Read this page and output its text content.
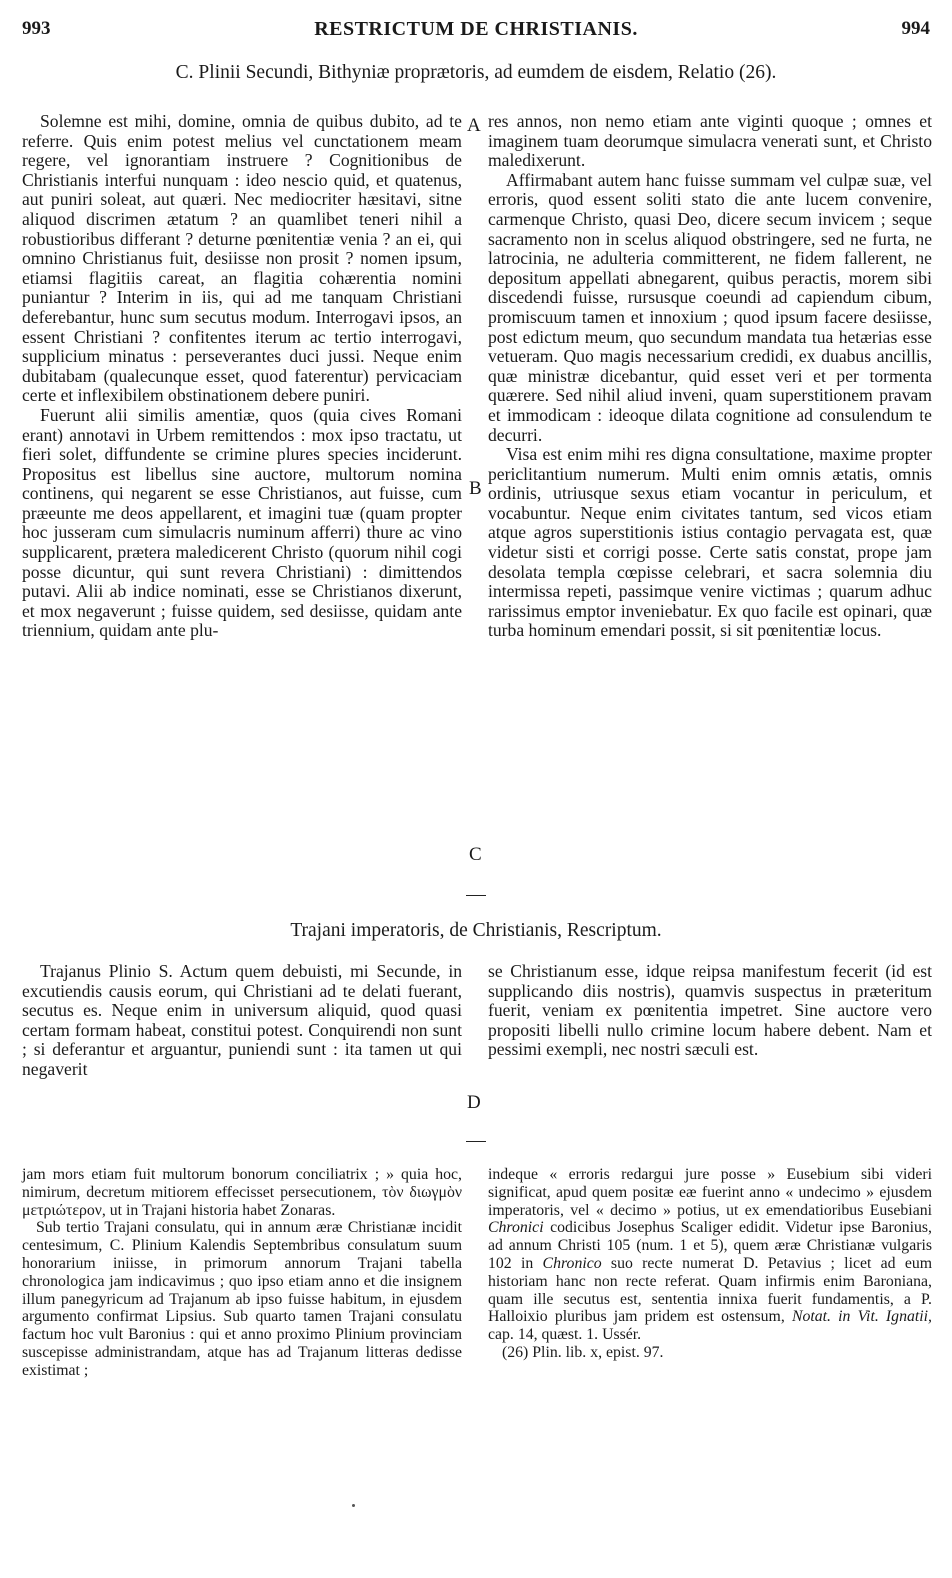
993	RESTRICTUM DE CHRISTIANIS.	994
C. Plinii Secundi, Bithyniæ proprætoris, ad eumdem de eisdem, Relatio (26).

Solemne est mihi, domine, omnia de quibus dubito, ad te referre. Quis enim potest melius vel cunctationem meam regere, vel ignorantiam instruere ? Cognitionibus de Christianis interfui nunquam : ideo nescio quid, et quatenus, aut puniri soleat, aut quæri. Nec mediocriter hæsitavi, sitne aliquod discrimen ætatum ? an quamlibet teneri nihil a robustioribus differant ? deturne pœnitentiæ venia ? an ei, qui omnino Christianus fuit, desiisse non prosit ? nomen ipsum, etiamsi flagitiis careat, an flagitia cohærentia nomini puniantur ? Interim in iis, qui ad me tanquam Christiani deferebantur, hunc sum secutus modum. Interrogavi ipsos, an essent Christiani ? confitentes iterum ac tertio interrogavi, supplicium minatus : perseverantes duci jussi. Neque enim dubitabam (qualecunque esset, quod faterentur) pervicaciam certe et inflexibilem obstinationem debere puniri.

Fuerunt alii similis amentiæ, quos (quia cives Romani erant) annotavi in Urbem remittendos : mox ipso tractatu, ut fieri solet, diffundente se crimine plures species inciderunt. Propositus est libellus sine auctore, multorum nomina continens, qui negarent se esse Christianos, aut fuisse, cum præeunte me deos appellarent, et imagini tuæ (quam propter hoc jusseram cum simulacris numinum afferri) thure ac vino supplicarent, prætera maledicerent Christo (quorum nihil cogi posse dicuntur, qui sunt revera Christiani) : dimittendos putavi. Alii ab indice nominati, esse se Christianos dixerunt, et mox negaverunt ; fuisse quidem, sed desiisse, quidam ante triennium, quidam ante plu-

res annos, non nemo etiam ante viginti quoque ; omnes et imaginem tuam deorumque simulacra venerati sunt, et Christo maledixerunt.

Affirmabant autem hanc fuisse summam vel culpæ suæ, vel erroris, quod essent soliti stato die ante lucem convenire, carmenque Christo, quasi Deo, dicere secum invicem ; seque sacramento non in scelus aliquod obstringere, sed ne furta, ne latrocinia, ne adulteria committerent, ne fidem fallerent, ne depositum appellati abnegarent, quibus peractis, morem sibi discedendi fuisse, rursusque coeundi ad capiendum cibum, promiscuum tamen et innoxium ; quod ipsum facere desiisse, post edictum meum, quo secundum mandata tua hetærias esse vetueram. Quo magis necessarium credidi, ex duabus ancillis, quæ ministræ dicebantur, quid esset veri et per tormenta quærere. Sed nihil aliud inveni, quam superstitionem pravam et immodicam : ideoque dilata cognitione ad consulendum te decurri.

Visa est enim mihi res digna consultatione, maxime propter periclitantium numerum. Multi enim omnis ætatis, omnis ordinis, utriusque sexus etiam vocantur in periculum, et vocabuntur. Neque enim civitates tantum, sed vicos etiam atque agros superstitionis istius contagio pervagata est, quæ videtur sisti et corrigi posse. Certe satis constat, prope jam desolata templa cœpisse celebrari, et sacra solemnia diu intermissa repeti, passimque venire victimas ; quarum adhuc rarissimus emptor inveniebatur. Ex quo facile est opinari, quæ turba hominum emendari possit, si sit pœnitentiæ locus.

A
B
C
D
Trajani imperatoris, de Christianis, Rescriptum.

Trajanus Plinio S. Actum quem debuisti, mi Secunde, in excutiendis causis eorum, qui Christiani ad te delati fuerant, secutus es. Neque enim in universum aliquid, quod quasi certam formam habeat, constitui potest. Conquirendi non sunt ; si deferantur et arguantur, puniendi sunt : ita tamen ut qui negaverit

se Christianum esse, idque reipsa manifestum fecerit (id est supplicando diis nostris), quamvis suspectus in præteritum fuerit, veniam ex pœnitentia impetret. Sine auctore vero propositi libelli nullo crimine locum habere debent. Nam et pessimi exempli, nec nostri sæculi est.

jam mors etiam fuit multorum bonorum conciliatrix ; » quia hoc, nimirum, decretum mitiorem effecisset persecutionem, τὸν διωγμὸν μετριώτερον, ut in Trajani historia habet Zonaras.

Sub tertio Trajani consulatu, qui in annum æræ Christianæ incidit centesimum, C. Plinium Kalendis Septembribus consulatum suum honorarium iniisse, in primorum annorum Trajani tabella chronologica jam indicavimus ; quo ipso etiam anno et die insignem illum panegyricum ad Trajanum ab ipso fuisse habitum, in ejusdem argumento confirmat Lipsius. Sub quarto tamen Trajani consulatu factum hoc vult Baronius : qui et anno proximo Plinium provinciam suscepisse administrandam, atque has ad Trajanum litteras dedisse existimat ;

indeque « erroris redargui jure posse » Eusebium sibi videri significat, apud quem positæ eæ fuerint anno « undecimo » ejusdem imperatoris, vel « decimo » potius, ut ex emendatioribus Eusebiani Chronici codicibus Josephus Scaliger edidit. Videtur ipse Baronius, ad annum Christi 105 (num. 1 et 5), quem æræ Christianæ vulgaris 102 in Chronico suo recte numerat D. Petavius ; licet ad eum historiam hanc non recte referat. Quam infirmis enim Baroniana, quam ille secutus est, sententia innixa fuerit fundamentis, a P. Halloixio pluribus jam pridem est ostensum, Notat. in Vit. Ignatii, cap. 14, quæst. 1. Ussér.

(26) Plin. lib. x, epist. 97.
